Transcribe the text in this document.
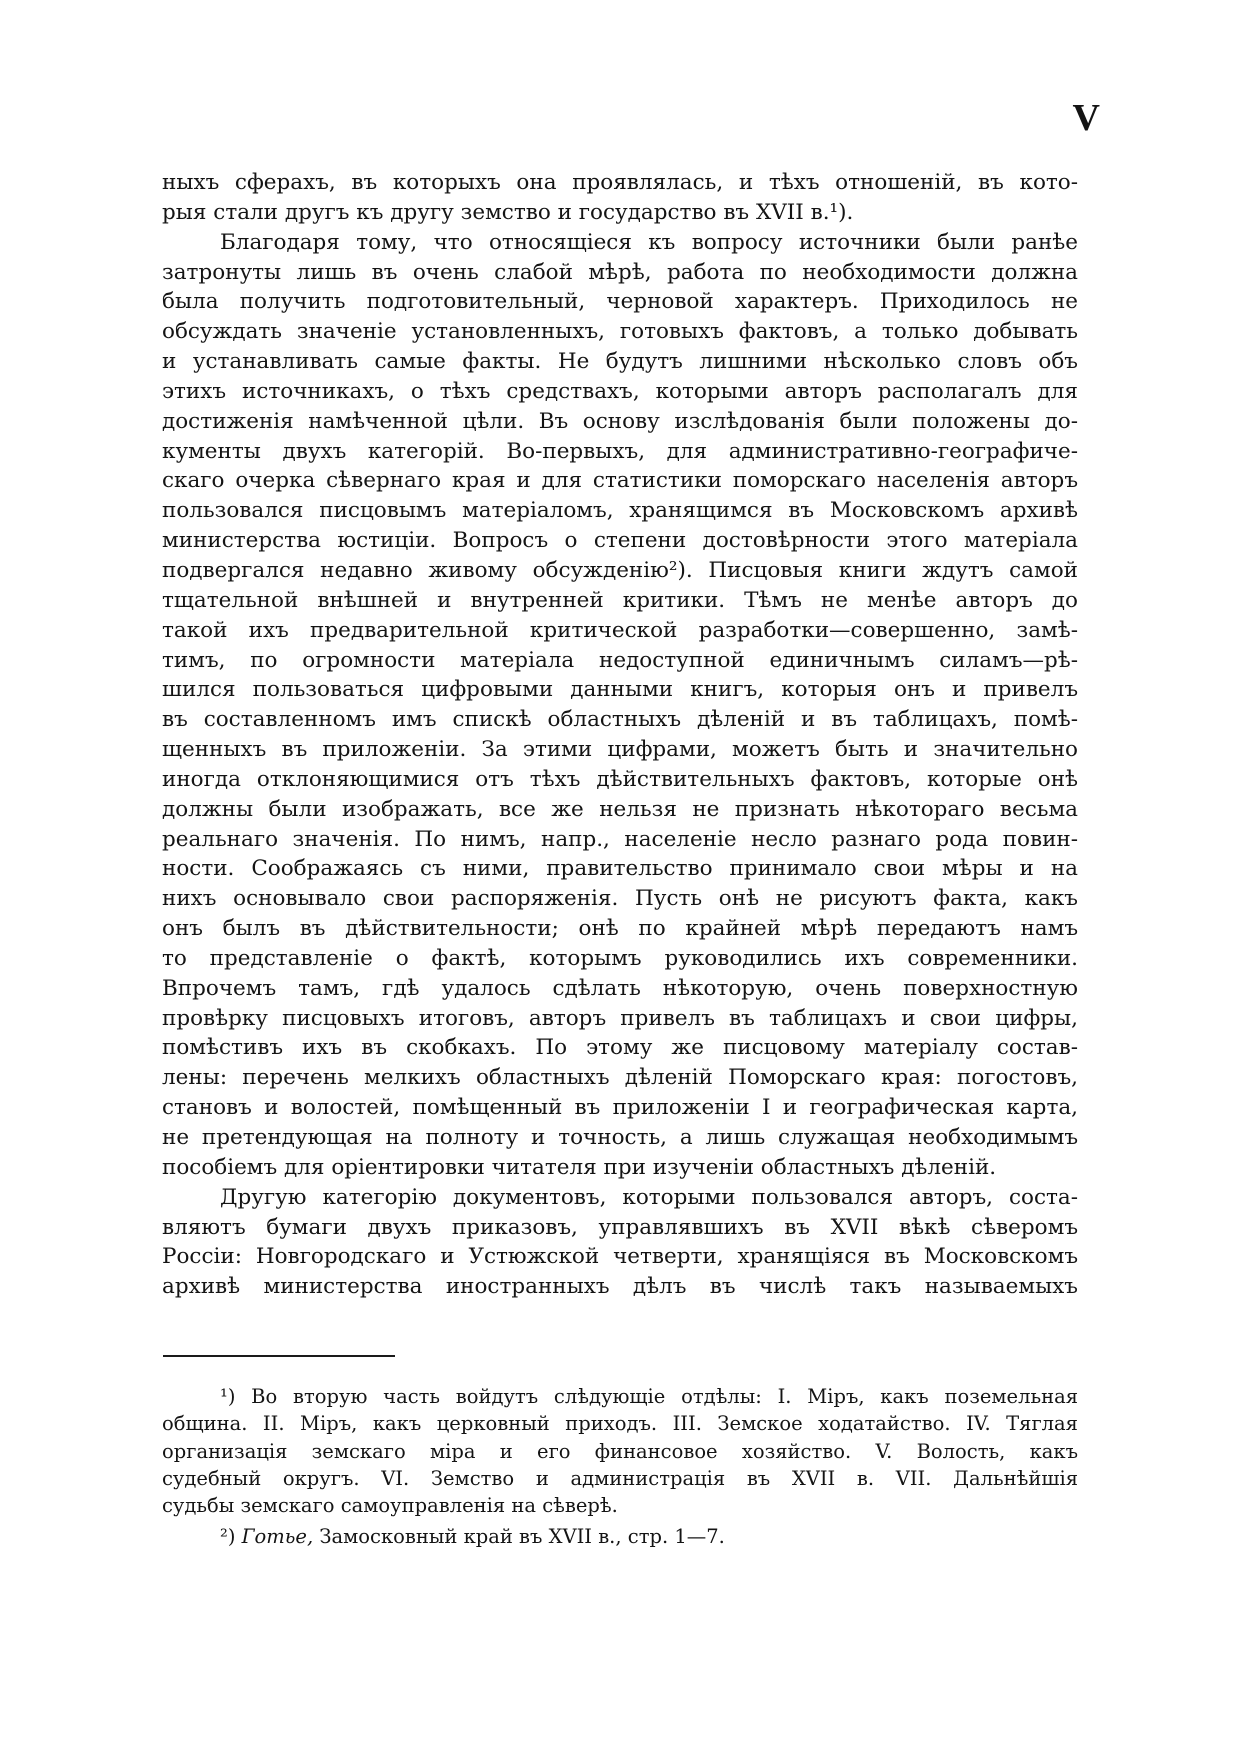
V
ныхъ сферахъ, въ которыхъ она проявлялась, и тѣхъ отношеній, въ кото-
рыя стали другъ къ другу земство и государство въ XVII в.¹).
Благодаря тому, что относящіеся къ вопросу источники были ранѣе
затронуты лишь въ очень слабой мѣрѣ, работа по необходимости должна
была получить подготовительный, черновой характеръ. Приходилось не
обсуждать значеніе установленныхъ, готовыхъ фактовъ, а только добывать
и устанавливать самые факты. Не будутъ лишними нѣсколько словъ объ
этихъ источникахъ, о тѣхъ средствахъ, которыми авторъ располагалъ для
достиженія намѣченной цѣли. Въ основу изслѣдованія были положены до-
кументы двухъ категорій. Во-первыхъ, для административно-географиче-
скаго очерка сѣвернаго края и для статистики поморскаго населенія авторъ
пользовался писцовымъ матеріаломъ, хранящимся въ Московскомъ архивѣ
министерства юстиціи. Вопросъ о степени достовѣрности этого матеріала
подвергался недавно живому обсужденію²). Писцовыя книги ждутъ самой
тщательной внѣшней и внутренней критики. Тѣмъ не менѣе авторъ до
такой ихъ предварительной критической разработки—совершенно, замѣ-
тимъ, по огромности матеріала недоступной единичнымъ силамъ—рѣ-
шился пользоваться цифровыми данными книгъ, которыя онъ и привелъ
въ составленномъ имъ спискѣ областныхъ дѣленій и въ таблицахъ, помѣ-
щенныхъ въ приложеніи. За этими цифрами, можетъ быть и значительно
иногда отклоняющимися отъ тѣхъ дѣйствительныхъ фактовъ, которые онѣ
должны были изображать, все же нельзя не признать нѣкотораго весьма
реальнаго значенія. По нимъ, напр., населеніе несло разнаго рода повин-
ности. Соображаясь съ ними, правительство принимало свои мѣры и на
нихъ основывало свои распоряженія. Пусть онѣ не рисуютъ факта, какъ
онъ былъ въ дѣйствительности; онѣ по крайней мѣрѣ передаютъ намъ
то представленіе о фактѣ, которымъ руководились ихъ современники.
Впрочемъ тамъ, гдѣ удалось сдѣлать нѣкоторую, очень поверхностную
провѣрку писцовыхъ итоговъ, авторъ привелъ въ таблицахъ и свои цифры,
помѣстивъ ихъ въ скобкахъ. По этому же писцовому матеріалу состав-
лены: перечень мелкихъ областныхъ дѣленій Поморскаго края: погостовъ,
становъ и волостей, помѣщенный въ приложеніи I и географическая карта,
не претендующая на полноту и точность, а лишь служащая необходимымъ
пособіемъ для оріентировки читателя при изученіи областныхъ дѣленій.
Другую категорію документовъ, которыми пользовался авторъ, соста-
вляютъ бумаги двухъ приказовъ, управлявшихъ въ XVII вѣкѣ сѣверомъ
Россіи: Новгородскаго и Устюжской четверти, хранящіяся въ Московскомъ
архивѣ министерства иностранныхъ дѣлъ въ числѣ такъ называемыхъ
¹) Во вторую часть войдутъ слѣдующіе отдѣлы: I. Міръ, какъ поземельная
община. II. Міръ, какъ церковный приходъ. III. Земское ходатайство. IV. Тяглая
организація земскаго міра и его финансовое хозяйство. V. Волость, какъ
судебный округъ. VI. Земство и администрація въ XVII в. VII. Дальнѣйшія
судьбы земскаго самоуправленія на сѣверѣ.
²) Готье, Замосковный край въ XVII в., стр. 1—7.
